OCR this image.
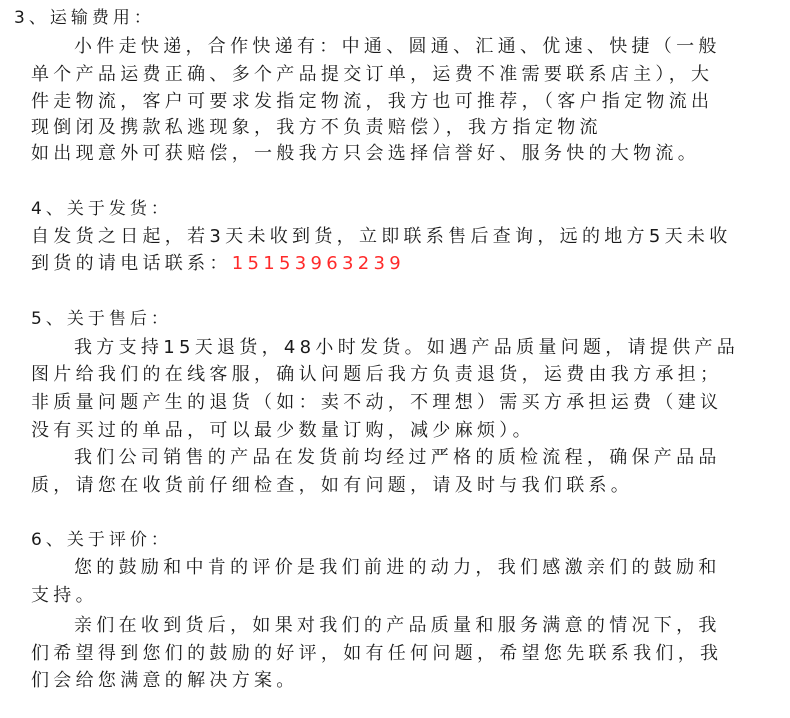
3、运输费用：
小件走快递，合作快递有：中通、圆通、汇通、优速、快捷（一般
单个产品运费正确、多个产品提交订单，运费不准需要联系店主），大
件走物流，客户可要求发指定物流，我方也可推荐，（客户指定物流出
现倒闭及携款私逃现象，我方不负责赔偿），我方指定物流
如出现意外可获赔偿，一般我方只会选择信誉好、服务快的大物流。
4、关于发货：
自发货之日起，若3天未收到货，立即联系售后查询，远的地方5天未收
到货的请电话联系：15153963239
5、关于售后：
我方支持15天退货，48小时发货。如遇产品质量问题，请提供产品
图片给我们的在线客服，确认问题后我方负责退货，运费由我方承担；
非质量问题产生的退货（如：卖不动，不理想）需买方承担运费（建议
没有买过的单品，可以最少数量订购，减少麻烦）。
我们公司销售的产品在发货前均经过严格的质检流程，确保产品品
质，请您在收货前仔细检查，如有问题，请及时与我们联系。
6、关于评价：
您的鼓励和中肯的评价是我们前进的动力，我们感激亲们的鼓励和
支持。
亲们在收到货后，如果对我们的产品质量和服务满意的情况下，我
们希望得到您们的鼓励的好评，如有任何问题，希望您先联系我们，我
们会给您满意的解决方案。
